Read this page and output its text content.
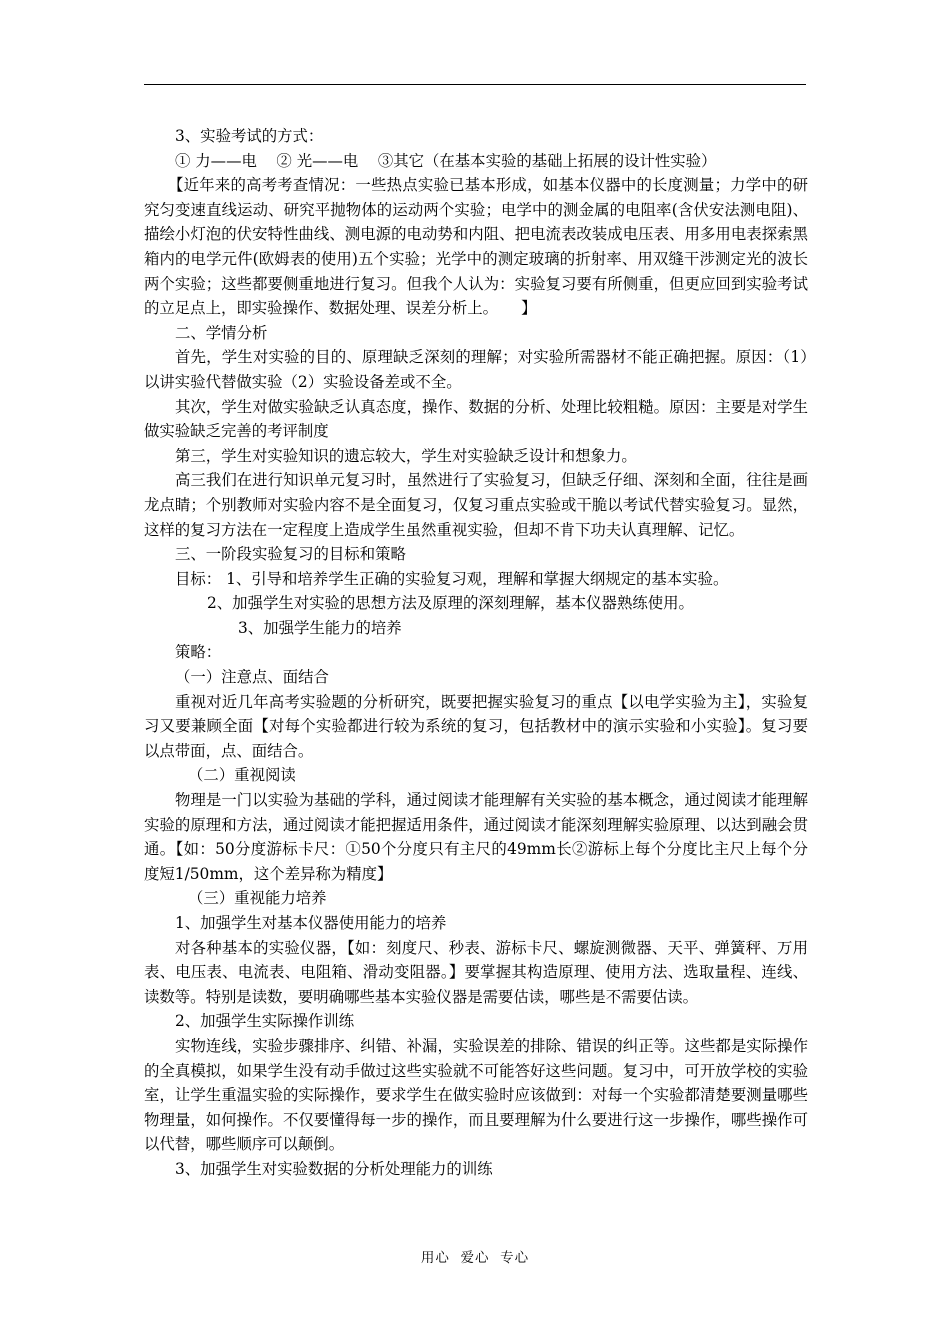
3、实验考试的方式：

① 力——电    ② 光——电    ③其它（在基本实验的基础上拓展的设计性实验）

【近年来的高考考查情况：一些热点实验已基本形成，如基本仪器中的长度测量；力学中的研究匀变速直线运动、研究平抛物体的运动两个实验；电学中的测金属的电阻率(含伏安法测电阻)、描绘小灯泡的伏安特性曲线、测电源的电动势和内阻、把电流表改装成电压表、用多用电表探索黑箱内的电学元件(欧姆表的使用)五个实验；光学中的测定玻璃的折射率、用双缝干涉测定光的波长两个实验；这些都要侧重地进行复习。但我个人认为：实验复习要有所侧重，但更应回到实验考试的立足点上，即实验操作、数据处理、误差分析上。　　】

二、学情分析

首先，学生对实验的目的、原理缺乏深刻的理解；对实验所需器材不能正确把握。原因：（1）以讲实验代替做实验（2）实验设备差或不全。

其次，学生对做实验缺乏认真态度，操作、数据的分析、处理比较粗糙。原因：主要是对学生做实验缺乏完善的考评制度

第三，学生对实验知识的遗忘较大，学生对实验缺乏设计和想象力。

高三我们在进行知识单元复习时，虽然进行了实验复习，但缺乏仔细、深刻和全面，往往是画龙点睛；个别教师对实验内容不是全面复习，仅复习重点实验或干脆以考试代替实验复习。显然，这样的复习方法在一定程度上造成学生虽然重视实验，但却不肯下功夫认真理解、记忆。

三、一阶段实验复习的目标和策略

目标： 1、引导和培养学生正确的实验复习观，理解和掌握大纲规定的基本实验。

2、加强学生对实验的思想方法及原理的深刻理解，基本仪器熟练使用。

3、加强学生能力的培养

策略：

（一）注意点、面结合

重视对近几年高考实验题的分析研究，既要把握实验复习的重点【以电学实验为主】，实验复习又要兼顾全面【对每个实验都进行较为系统的复习，包括教材中的演示实验和小实验】。复习要以点带面，点、面结合。

（二）重视阅读

物理是一门以实验为基础的学科，通过阅读才能理解有关实验的基本概念，通过阅读才能理解实验的原理和方法，通过阅读才能把握适用条件，通过阅读才能深刻理解实验原理、以达到融会贯通。【如：50分度游标卡尺：①50个分度只有主尺的49mm长②游标上每个分度比主尺上每个分度短1/50mm，这个差异称为精度】

（三）重视能力培养

1、加强学生对基本仪器使用能力的培养

对各种基本的实验仪器，【如：刻度尺、秒表、游标卡尺、螺旋测微器、天平、弹簧秤、万用表、电压表、电流表、电阻箱、滑动变阻器。】要掌握其构造原理、使用方法、选取量程、连线、读数等。特别是读数，要明确哪些基本实验仪器是需要估读，哪些是不需要估读。

2、加强学生实际操作训练

实物连线，实验步骤排序、纠错、补漏，实验误差的排除、错误的纠正等。这些都是实际操作的全真模拟，如果学生没有动手做过这些实验就不可能答好这些问题。复习中，可开放学校的实验室，让学生重温实验的实际操作，要求学生在做实验时应该做到：对每一个实验都清楚要测量哪些物理量，如何操作。不仅要懂得每一步的操作，而且要理解为什么要进行这一步操作，哪些操作可以代替，哪些顺序可以颠倒。

3、加强学生对实验数据的分析处理能力的训练

用心  爱心  专心
